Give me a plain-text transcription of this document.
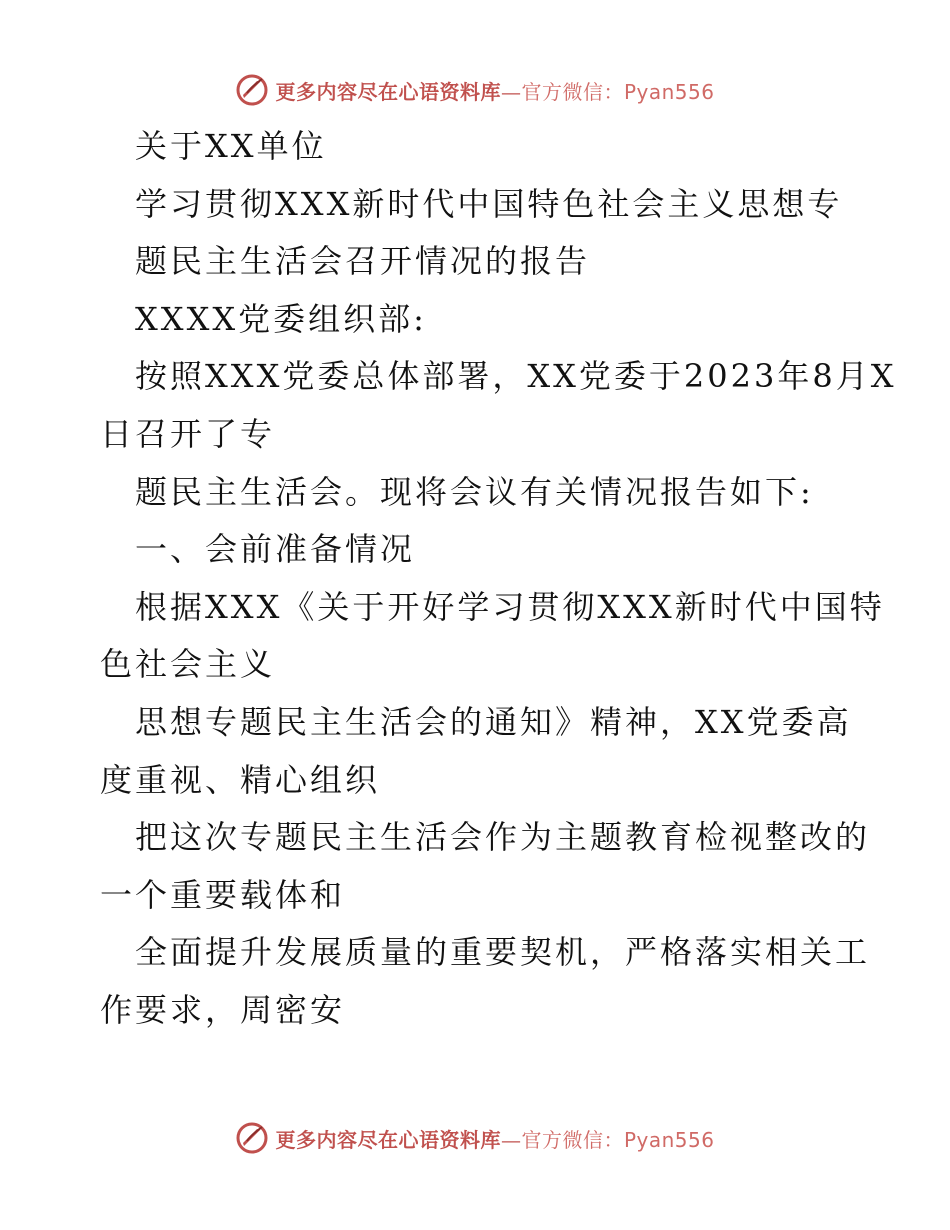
更多内容尽在心语资料库—官方微信：Pyan556
关于XX单位
学习贯彻XXX新时代中国特色社会主义思想专
题民主生活会召开情况的报告
XXXX党委组织部:
按照XXX党委总体部署，XX党委于2023年8月X
日召开了专
题民主生活会。现将会议有关情况报告如下:
一、会前准备情况
根据XXX《关于开好学习贯彻XXX新时代中国特
色社会主义
思想专题民主生活会的通知》精神，XX党委高
度重视、精心组织
把这次专题民主生活会作为主题教育检视整改的
一个重要载体和
全面提升发展质量的重要契机，严格落实相关工
作要求，周密安
更多内容尽在心语资料库—官方微信：Pyan556
